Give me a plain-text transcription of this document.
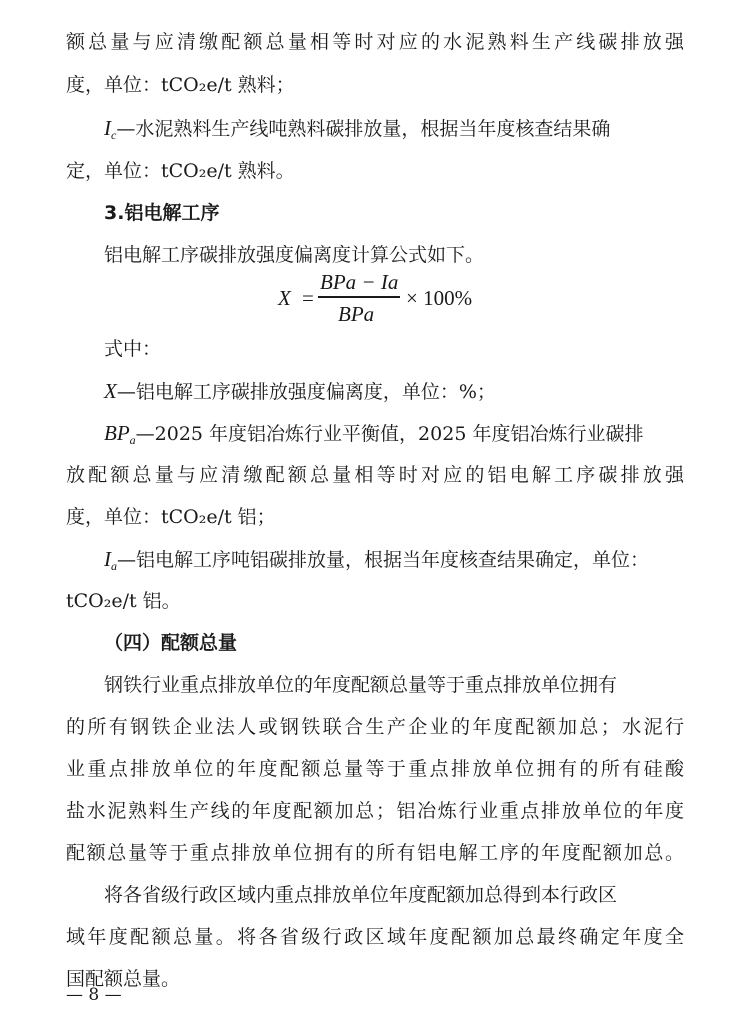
额总量与应清缴配额总量相等时对应的水泥熟料生产线碳排放强
度，单位：tCO₂e/t 熟料；
$I_c—$水泥熟料生产线吨熟料碳排放量，根据当年度核查结果确
定，单位：tCO₂e/t 熟料。
3.铝电解工序
铝电解工序碳排放强度偏离度计算公式如下。
X =
BPa − Ia
BPa
× 100%
式中：
X—铝电解工序碳排放强度偏离度，单位：%；
$BP_a—2025$ 年度铝冶炼行业平衡值，2025 年度铝冶炼行业碳排
放配额总量与应清缴配额总量相等时对应的铝电解工序碳排放强
度，单位：tCO₂e/t 铝；
$I_a—$铝电解工序吨铝碳排放量，根据当年度核查结果确定，单位：
tCO₂e/t 铝。
（四）配额总量
钢铁行业重点排放单位的年度配额总量等于重点排放单位拥有
的所有钢铁企业法人或钢铁联合生产企业的年度配额加总；水泥行
业重点排放单位的年度配额总量等于重点排放单位拥有的所有硅酸
盐水泥熟料生产线的年度配额加总；铝冶炼行业重点排放单位的年度
配额总量等于重点排放单位拥有的所有铝电解工序的年度配额加总。
将各省级行政区域内重点排放单位年度配额加总得到本行政区
域年度配额总量。将各省级行政区域年度配额加总最终确定年度全
国配额总量。
— 8 —
